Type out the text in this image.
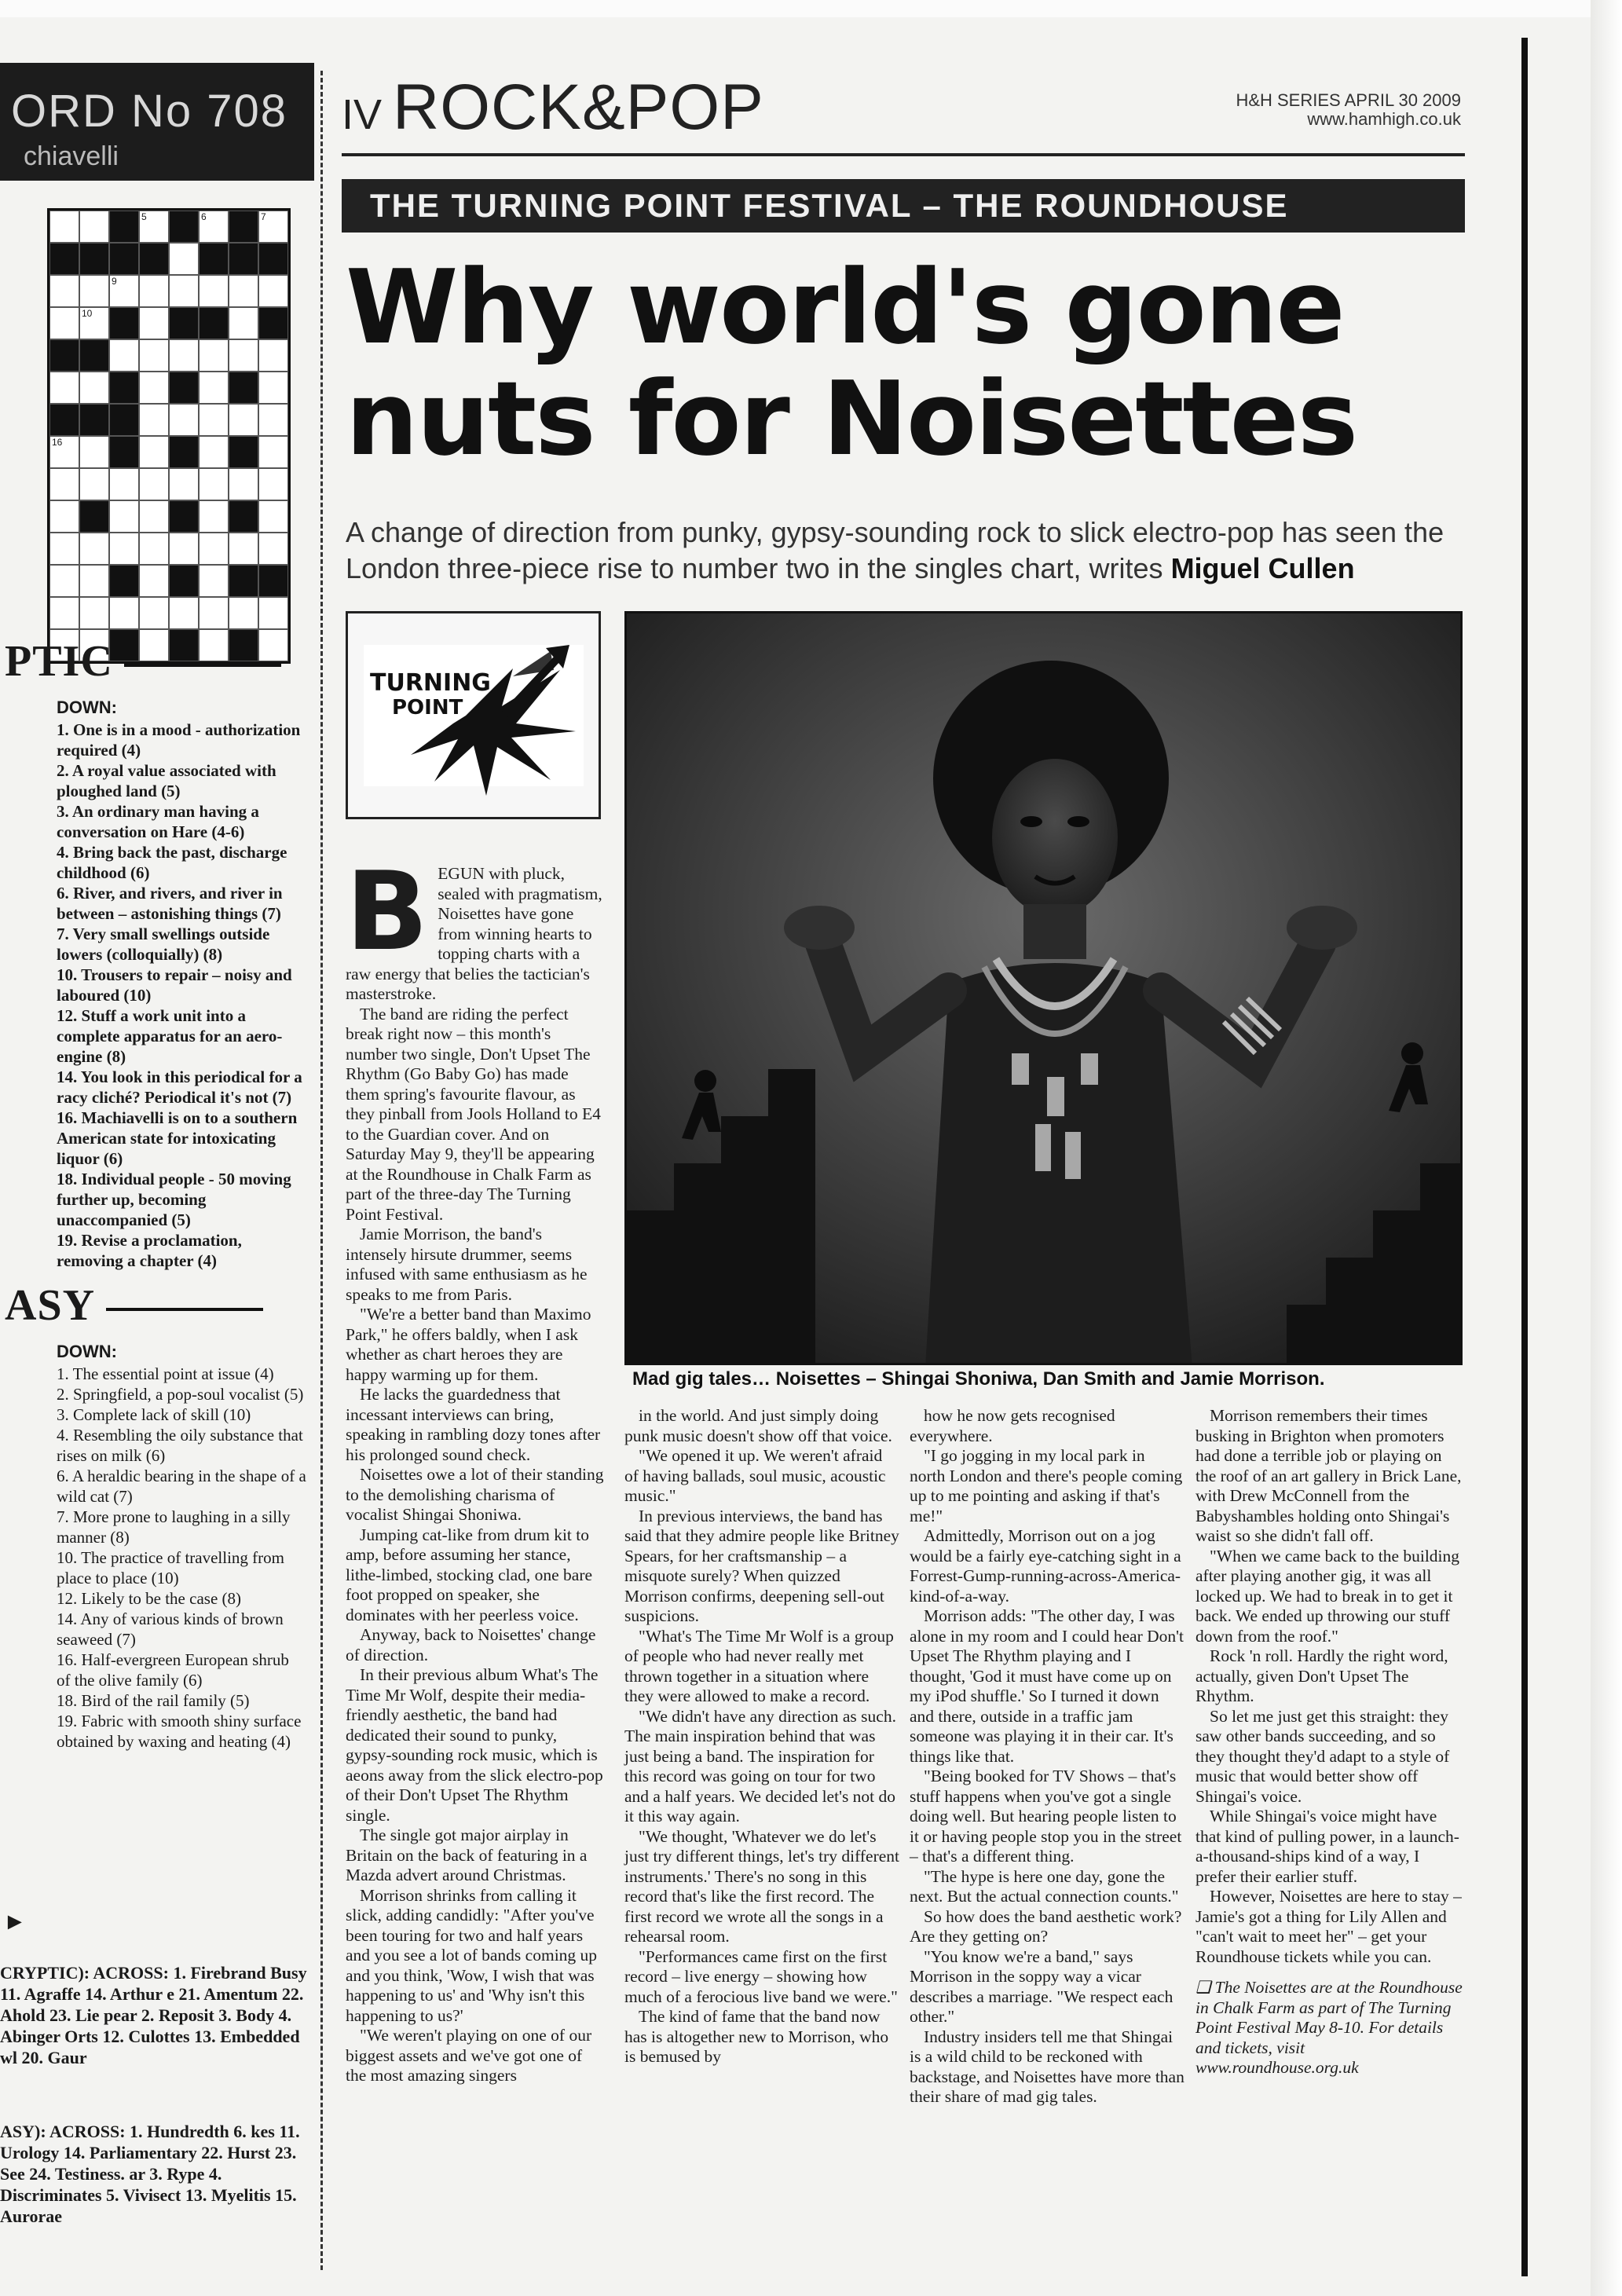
ORD No 708
chiavelli
5	6	7
9
10
16
PTIC
DOWN:
1. One is in a mood - authorization required (4)
2. A royal value associated with ploughed land (5)
3. An ordinary man having a conversation on Hare (4-6)
4. Bring back the past, discharge childhood (6)
6. River, and rivers, and river in between – astonishing things (7)
7. Very small swellings outside lowers (colloquially) (8)
10. Trousers to repair – noisy and laboured (10)
12. Stuff a work unit into a complete apparatus for an aero-engine (8)
14. You look in this periodical for a racy cliché? Periodical it's not (7)
16. Machiavelli is on to a southern American state for intoxicating liquor (6)
18. Individual people - 50 moving further up, becoming unaccompanied (5)
19. Revise a proclamation, removing a chapter (4)
ASY
DOWN:
1. The essential point at issue (4)
2. Springfield, a pop-soul vocalist (5)
3. Complete lack of skill (10)
4. Resembling the oily substance that rises on milk (6)
6. A heraldic bearing in the shape of a wild cat (7)
7. More prone to laughing in a silly manner (8)
10. The practice of travelling from place to place (10)
12. Likely to be the case (8)
14. Any of various kinds of brown seaweed (7)
16. Half-evergreen European shrub of the olive family (6)
18. Bird of the rail family (5)
19. Fabric with smooth shiny surface obtained by waxing and heating (4)
►
CRYPTIC): ACROSS: 1. Firebrand Busy 11. Agraffe 14. Arthur e 21. Amentum 22. Ahold 23. Lie pear 2. Reposit 3. Body 4. Abinger Orts 12. Culottes 13. Embedded wl 20. Gaur
ASY): ACROSS: 1. Hundredth 6. kes 11. Urology 14. Parliamentary 22. Hurst 23. See 24. Testiness. ar 3. Rype 4. Discriminates 5. Vivisect 13. Myelitis 15. Aurorae
IV ROCK&POP	H&H SERIES APRIL 30 2009
www.hamhigh.co.uk
THE TURNING POINT FESTIVAL – THE ROUNDHOUSE
Why world's gone
nuts for Noisettes
A change of direction from punky, gypsy-sounding rock to slick electro-pop has seen the London three-piece rise to number two in the singles chart, writes Miguel Cullen
TURNING
POINT
Mad gig tales… Noisettes – Shingai Shoniwa, Dan Smith and Jamie Morrison.
B EGUN with pluck, sealed with pragmatism, Noisettes have gone from winning hearts to topping charts with a raw energy that belies the tactician's masterstroke.

The band are riding the perfect break right now – this month's number two single, Don't Upset The Rhythm (Go Baby Go) has made them spring's favourite flavour, as they pinball from Jools Holland to E4 to the Guardian cover. And on Saturday May 9, they'll be appearing at the Roundhouse in Chalk Farm as part of the three-day The Turning Point Festival.

Jamie Morrison, the band's intensely hirsute drummer, seems infused with same enthusiasm as he speaks to me from Paris.

"We're a better band than Maximo Park," he offers baldly, when I ask whether as chart heroes they are happy warming up for them.

He lacks the guardedness that incessant interviews can bring, speaking in rambling dozy tones after his prolonged sound check.

Noisettes owe a lot of their standing to the demolishing charisma of vocalist Shingai Shoniwa.

Jumping cat-like from drum kit to amp, before assuming her stance, lithe-limbed, stocking clad, one bare foot propped on speaker, she dominates with her peerless voice.

Anyway, back to Noisettes' change of direction.

In their previous album What's The Time Mr Wolf, despite their media-friendly aesthetic, the band had dedicated their sound to punky, gypsy-sounding rock music, which is aeons away from the slick electro-pop of their Don't Upset The Rhythm single.

The single got major airplay in Britain on the back of featuring in a Mazda advert around Christmas.

Morrison shrinks from calling it slick, adding candidly: "After you've been touring for two and half years and you see a lot of bands coming up and you think, 'Wow, I wish that was happening to us' and 'Why isn't this happening to us?'

"We weren't playing on one of our biggest assets and we've got one of the most amazing singers

in the world. And just simply doing punk music doesn't show off that voice.

"We opened it up. We weren't afraid of having ballads, soul music, acoustic music."

In previous interviews, the band has said that they admire people like Britney Spears, for her craftsmanship – a misquote surely? When quizzed Morrison confirms, deepening sell-out suspicions.

"What's The Time Mr Wolf is a group of people who had never really met thrown together in a situation where they were allowed to make a record.

"We didn't have any direction as such. The main inspiration behind that was just being a band. The inspiration for this record was going on tour for two and a half years. We decided let's not do it this way again.

"We thought, 'Whatever we do let's just try different things, let's try different instruments.' There's no song in this record that's like the first record. The first record we wrote all the songs in a rehearsal room.

"Performances came first on the first record – live energy – showing how much of a ferocious live band we were."

The kind of fame that the band now has is altogether new to Morrison, who is bemused by

how he now gets recognised everywhere.

"I go jogging in my local park in north London and there's people coming up to me pointing and asking if that's me!"

Admittedly, Morrison out on a jog would be a fairly eye-catching sight in a Forrest-Gump-running-across-America-kind-of-a-way.

Morrison adds: "The other day, I was alone in my room and I could hear Don't Upset The Rhythm playing and I thought, 'God it must have come up on my iPod shuffle.' So I turned it down and there, outside in a traffic jam someone was playing it in their car. It's things like that.

"Being booked for TV Shows – that's stuff happens when you've got a single doing well. But hearing people listen to it or having people stop you in the street – that's a different thing.

"The hype is here one day, gone the next. But the actual connection counts."

So how does the band aesthetic work? Are they getting on?

"You know we're a band," says Morrison in the soppy way a vicar describes a marriage. "We respect each other."

Industry insiders tell me that Shingai is a wild child to be reckoned with backstage, and Noisettes have more than their share of mad gig tales.

Morrison remembers their times busking in Brighton when promoters had done a terrible job or playing on the roof of an art gallery in Brick Lane, with Drew McConnell from the Babyshambles holding onto Shingai's waist so she didn't fall off.

"When we came back to the building after playing another gig, it was all locked up. We had to break in to get it back. We ended up throwing our stuff down from the roof."

Rock 'n roll. Hardly the right word, actually, given Don't Upset The Rhythm.

So let me just get this straight: they saw other bands succeeding, and so they thought they'd adapt to a style of music that would better show off Shingai's voice.

While Shingai's voice might have that kind of pulling power, in a launch-a-thousand-ships kind of a way, I prefer their earlier stuff.

However, Noisettes are here to stay – Jamie's got a thing for Lily Allen and "can't wait to meet her" – get your Roundhouse tickets while you can.

❑ The Noisettes are at the Roundhouse in Chalk Farm as part of The Turning Point Festival May 8-10. For details and tickets, visit www.roundhouse.org.uk
